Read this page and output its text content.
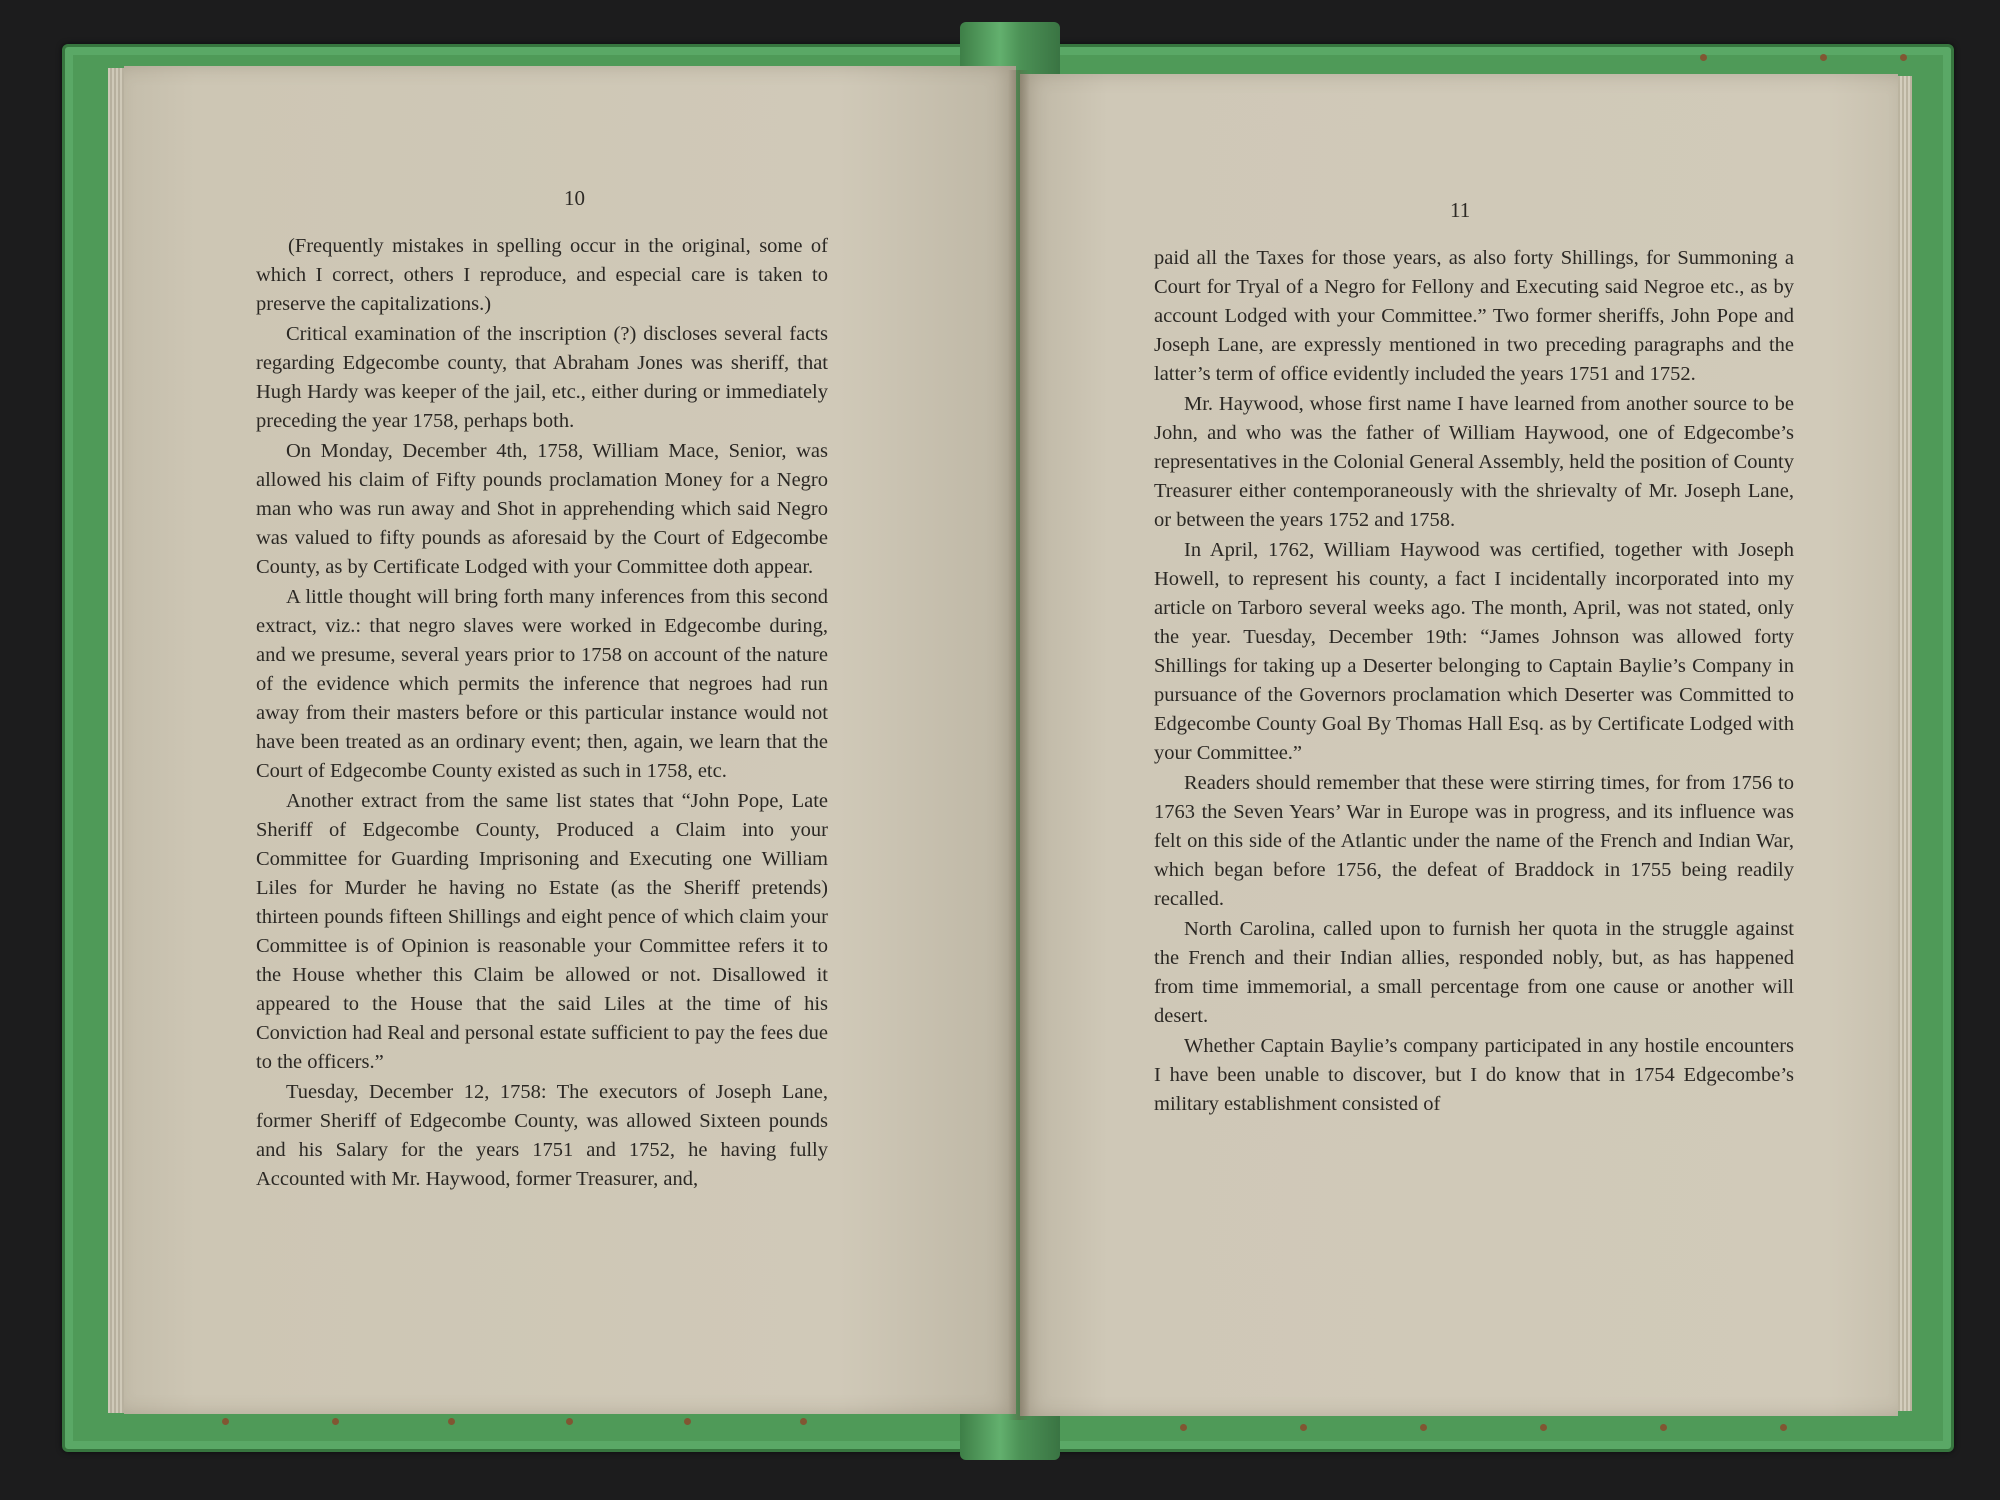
10

(Frequently mistakes in spelling occur in the original, some of which I correct, others I reproduce, and especial care is taken to preserve the capitalizations.)

Critical examination of the inscription (?) discloses several facts regarding Edgecombe county, that Abraham Jones was sheriff, that Hugh Hardy was keeper of the jail, etc., either during or immediately preceding the year 1758, perhaps both.

On Monday, December 4th, 1758, William Mace, Senior, was allowed his claim of Fifty pounds proclamation Money for a Negro man who was run away and Shot in apprehending which said Negro was valued to fifty pounds as aforesaid by the Court of Edgecombe County, as by Certificate Lodged with your Committee doth appear.

A little thought will bring forth many inferences from this second extract, viz.: that negro slaves were worked in Edgecombe during, and we presume, several years prior to 1758 on account of the nature of the evidence which permits the inference that negroes had run away from their masters before or this particular instance would not have been treated as an ordinary event; then, again, we learn that the Court of Edgecombe County existed as such in 1758, etc.

Another extract from the same list states that “John Pope, Late Sheriff of Edgecombe County, Produced a Claim into your Committee for Guarding Imprisoning and Executing one William Liles for Murder he having no Estate (as the Sheriff pretends) thirteen pounds fifteen Shillings and eight pence of which claim your Committee is of Opinion is reasonable your Committee refers it to the House whether this Claim be allowed or not. Disallowed it appeared to the House that the said Liles at the time of his Conviction had Real and personal estate sufficient to pay the fees due to the officers.”

Tuesday, December 12, 1758: The executors of Joseph Lane, former Sheriff of Edgecombe County, was allowed Sixteen pounds and his Salary for the years 1751 and 1752, he having fully Accounted with Mr. Haywood, former Treasurer, and,

11

paid all the Taxes for those years, as also forty Shillings, for Summoning a Court for Tryal of a Negro for Fellony and Executing said Negroe etc., as by account Lodged with your Committee.” Two former sheriffs, John Pope and Joseph Lane, are expressly mentioned in two preceding paragraphs and the latter’s term of office evidently included the years 1751 and 1752.

Mr. Haywood, whose first name I have learned from another source to be John, and who was the father of William Haywood, one of Edgecombe’s representatives in the Colonial General Assembly, held the position of County Treasurer either contemporaneously with the shrievalty of Mr. Joseph Lane, or between the years 1752 and 1758.

In April, 1762, William Haywood was certified, together with Joseph Howell, to represent his county, a fact I incidentally incorporated into my article on Tarboro several weeks ago. The month, April, was not stated, only the year. Tuesday, December 19th: “James Johnson was allowed forty Shillings for taking up a Deserter belonging to Captain Baylie’s Company in pursuance of the Governors proclamation which Deserter was Committed to Edgecombe County Goal By Thomas Hall Esq. as by Certificate Lodged with your Committee.”

Readers should remember that these were stirring times, for from 1756 to 1763 the Seven Years’ War in Europe was in progress, and its influence was felt on this side of the Atlantic under the name of the French and Indian War, which began before 1756, the defeat of Braddock in 1755 being readily recalled.

North Carolina, called upon to furnish her quota in the struggle against the French and their Indian allies, responded nobly, but, as has happened from time immemorial, a small percentage from one cause or another will desert.

Whether Captain Baylie’s company participated in any hostile encounters I have been unable to discover, but I do know that in 1754 Edgecombe’s military establishment consisted of
